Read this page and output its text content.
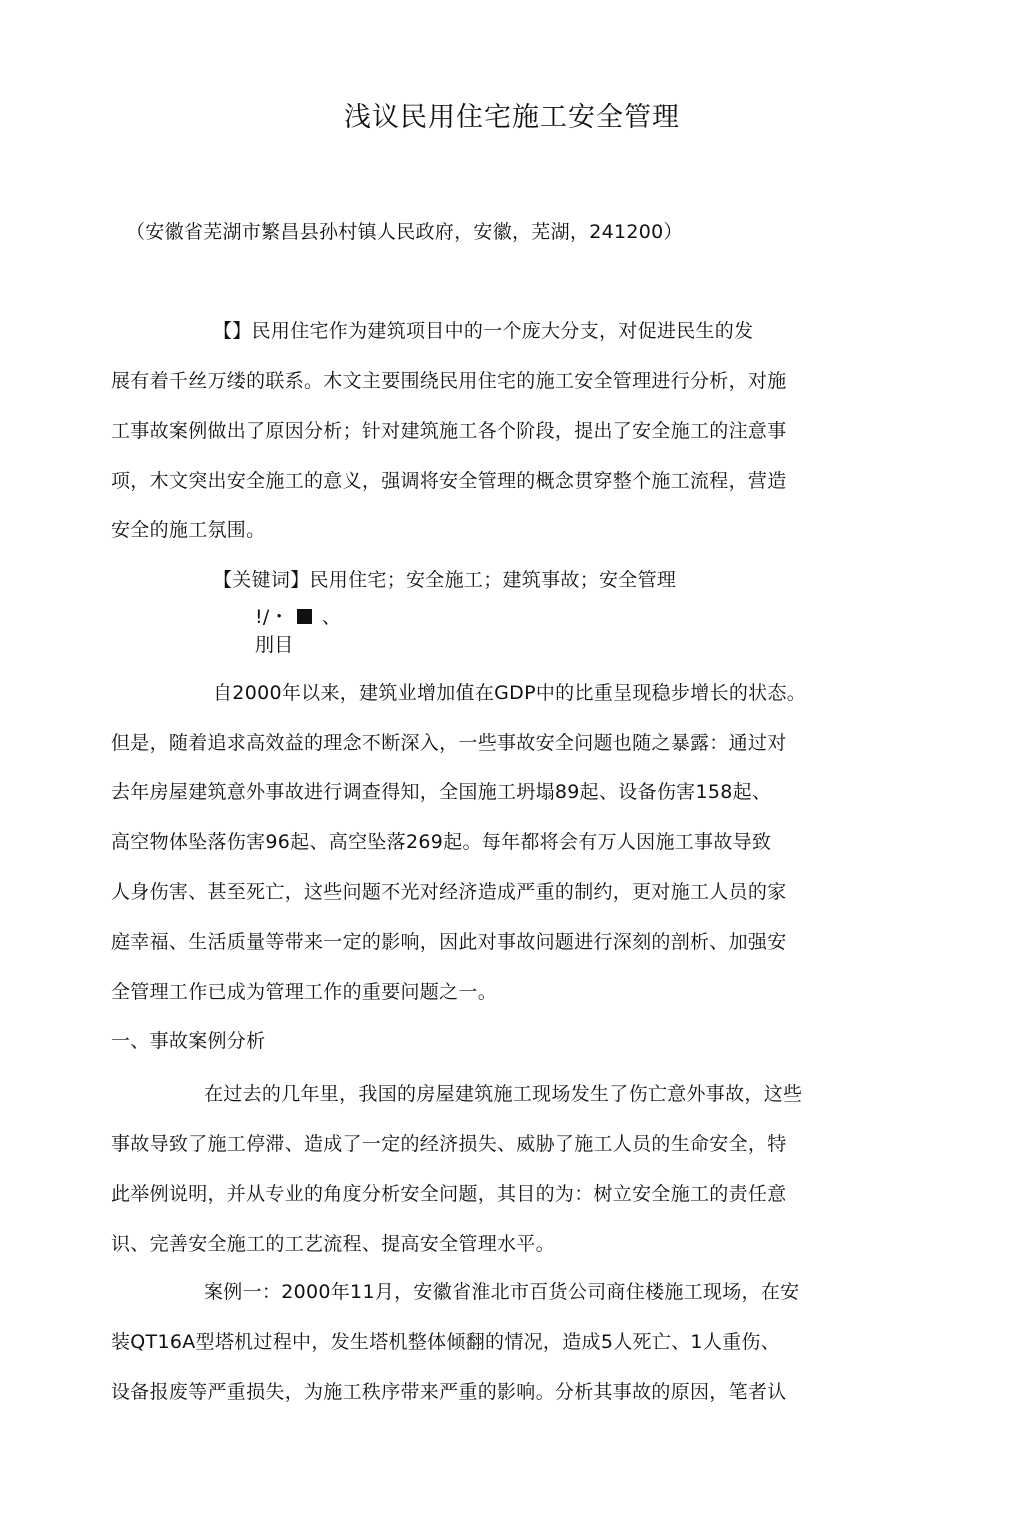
浅议民用住宅施工安全管理
（安徽省芜湖市繁昌县孙村镇人民政府，安徽，芜湖，241200）
【】民用住宅作为建筑项目中的一个庞大分支，对促进民生的发
展有着千丝万缕的联系。木文主要围绕民用住宅的施工安全管理进行分析，对施
工事故案例做出了原因分析；针对建筑施工各个阶段，提出了安全施工的注意事
项，木文突出安全施工的意义，强调将安全管理的概念贯穿整个施工流程，营造
安全的施工氛围。
【关键词】民用住宅；安全施工；建筑事故；安全管理
!/・ 、
刖目
自2000年以来，建筑业增加值在GDP中的比重呈现稳步增长的状态。
但是，随着追求高效益的理念不断深入，一些事故安全问题也随之暴露：通过对
去年房屋建筑意外事故进行调查得知，全国施工坍塌89起、设备伤害158起、
高空物体坠落伤害96起、高空坠落269起。每年都将会有万人因施工事故导致
人身伤害、甚至死亡，这些问题不光对经济造成严重的制约，更对施工人员的家
庭幸福、生活质量等带来一定的影响，因此对事故问题进行深刻的剖析、加强安
全管理工作已成为管理工作的重要问题之一。
一、事故案例分析
在过去的几年里，我国的房屋建筑施工现场发生了伤亡意外事故，这些
事故导致了施工停滞、造成了一定的经济损失、威胁了施工人员的生命安全，特
此举例说明，并从专业的角度分析安全问题，其目的为：树立安全施工的责任意
识、完善安全施工的工艺流程、提高安全管理水平。
案例一：2000年11月，安徽省淮北市百货公司商住楼施工现场，在安
装QT16A型塔机过程中，发生塔机整体倾翻的情况，造成5人死亡、1人重伤、
设备报废等严重损失，为施工秩序带来严重的影响。分析其事故的原因，笔者认
